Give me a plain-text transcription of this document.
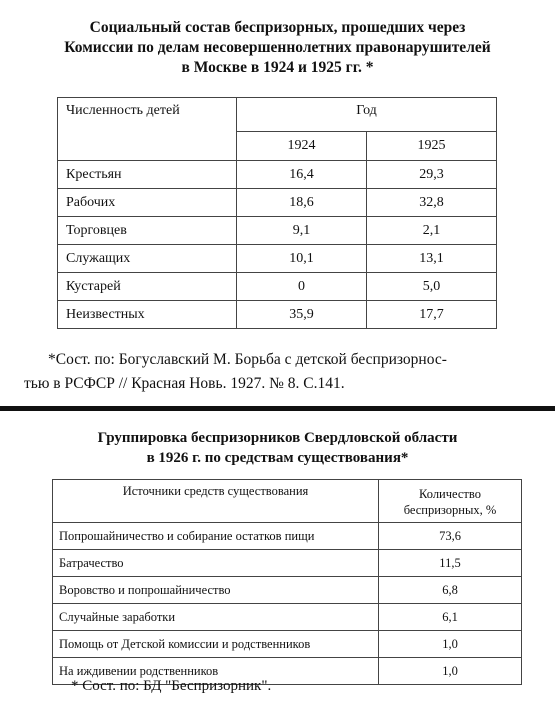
Социальный состав беспризорных, прошедших через
Комиссии по делам несовершеннолетних правонарушителей
в Москве в 1924 и 1925 гг. *
Численность детей	Год	
	1924	1925
Крестьян	16,4	29,3
Рабочих	18,6	32,8
Торговцев	9,1	2,1
Служащих	10,1	13,1
Кустарей	0	5,0
Неизвестных	35,9	17,7
*Сост. по: Богуславский М. Борьба с детской беспризорнос-
тью в РСФСР // Красная Новь. 1927. № 8. С.141.
Группировка беспризорников Свердловской области
в 1926 г. по средствам существования*
Источники средств существования	Количество
беспризорных, %

Попрошайничество и собирание остатков пищи	73,6
Батрачество	11,5
Воровство и попрошайничество	6,8
Случайные заработки	6,1
Помощь от Детской комиссии и родственников	1,0
На иждивении родственников	1,0
* Сост. по: БД "Беспризорник".
